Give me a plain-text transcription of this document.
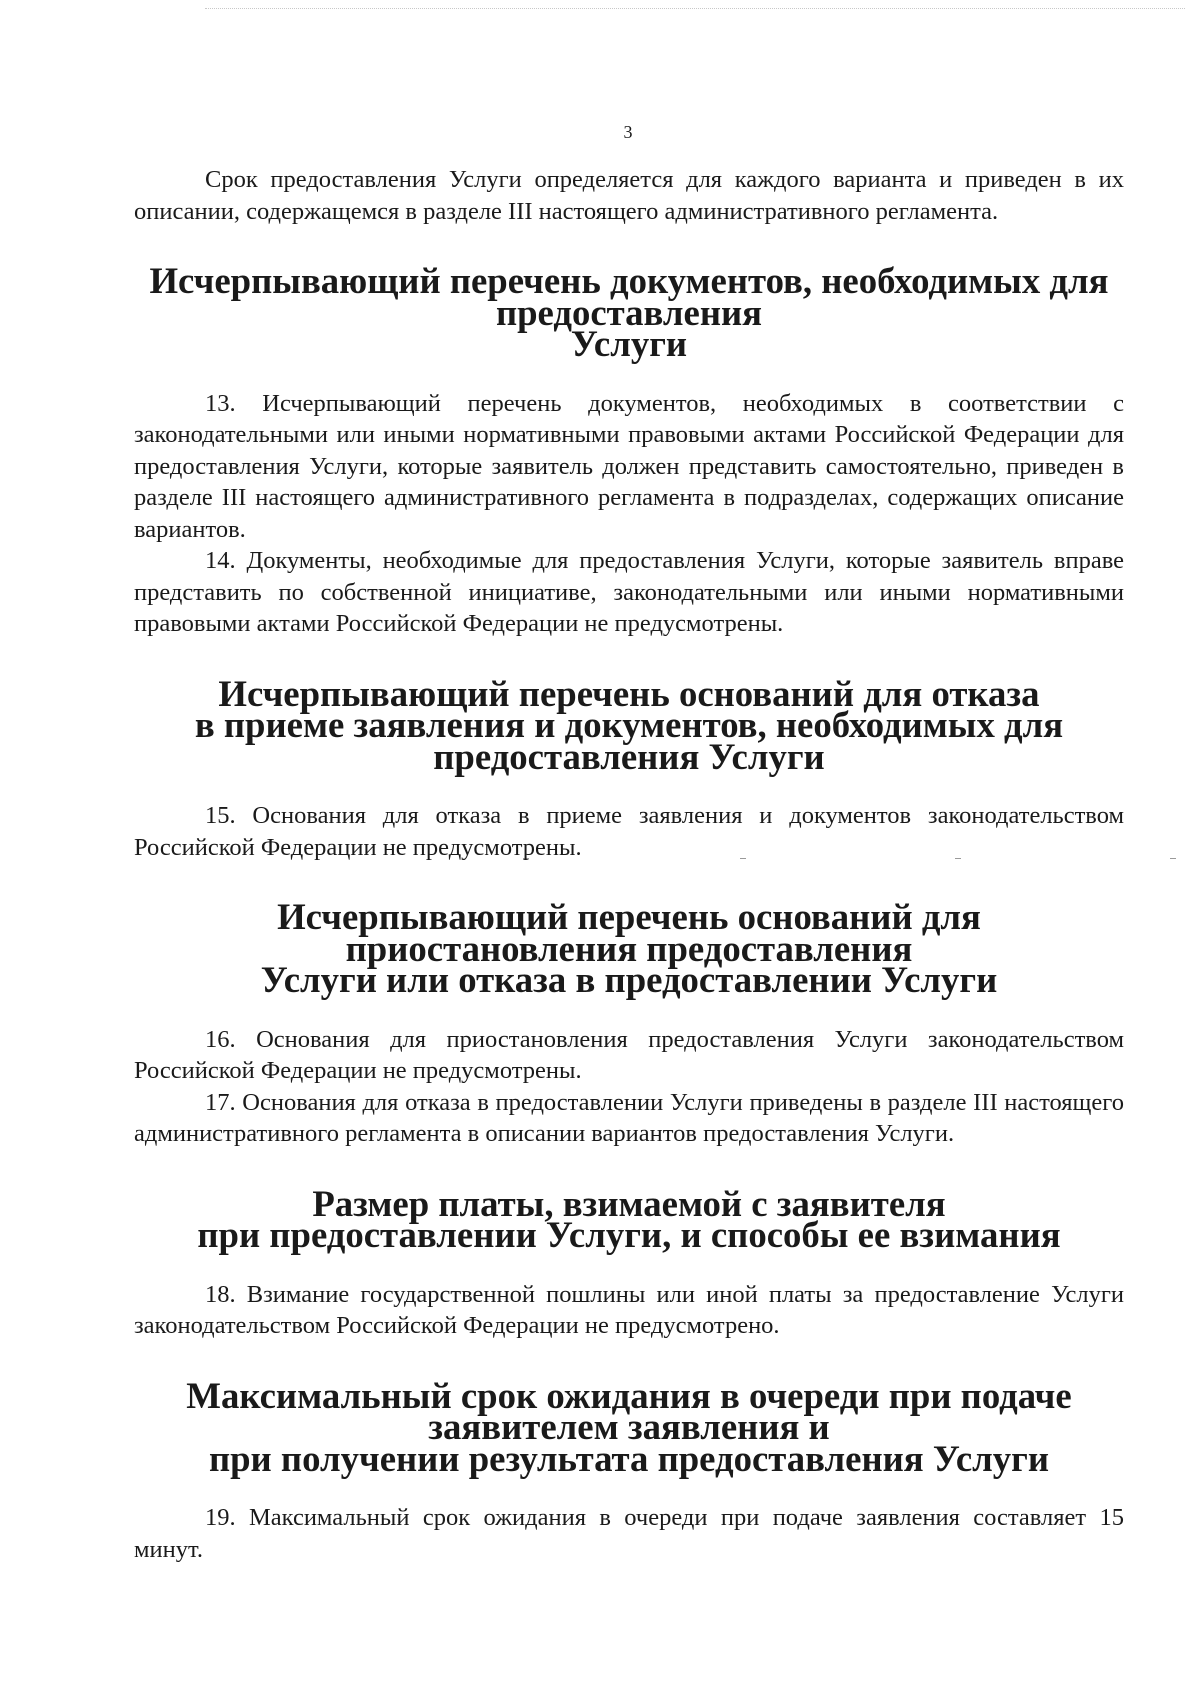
3

Срок предоставления Услуги определяется для каждого варианта и приведен в их описании, содержащемся в разделе III настоящего административного регламента.

Исчерпывающий перечень документов, необходимых для предоставления
Услуги

13. Исчерпывающий перечень документов, необходимых в соответствии с законодательными или иными нормативными правовыми актами Российской Федерации для предоставления Услуги, которые заявитель должен представить самостоятельно, приведен в разделе III настоящего административного регламента в подразделах, содержащих описание вариантов.

14. Документы, необходимые для предоставления Услуги, которые заявитель вправе представить по собственной инициативе, законодательными или иными нормативными правовыми актами Российской Федерации не предусмотрены.

Исчерпывающий перечень оснований для отказа
в приеме заявления и документов, необходимых для предоставления Услуги

15. Основания для отказа в приеме заявления и документов законодательством Российской Федерации не предусмотрены.

Исчерпывающий перечень оснований для приостановления предоставления
Услуги или отказа в предоставлении Услуги

16. Основания для приостановления предоставления Услуги законодательством Российской Федерации не предусмотрены.

17. Основания для отказа в предоставлении Услуги приведены в разделе III настоящего административного регламента в описании вариантов предоставления Услуги.

Размер платы, взимаемой с заявителя
при предоставлении Услуги, и способы ее взимания

18. Взимание государственной пошлины или иной платы за предоставление Услуги законодательством Российской Федерации не предусмотрено.

Максимальный срок ожидания в очереди при подаче заявителем заявления и
при получении результата предоставления Услуги

19. Максимальный срок ожидания в очереди при подаче заявления составляет 15 минут.
